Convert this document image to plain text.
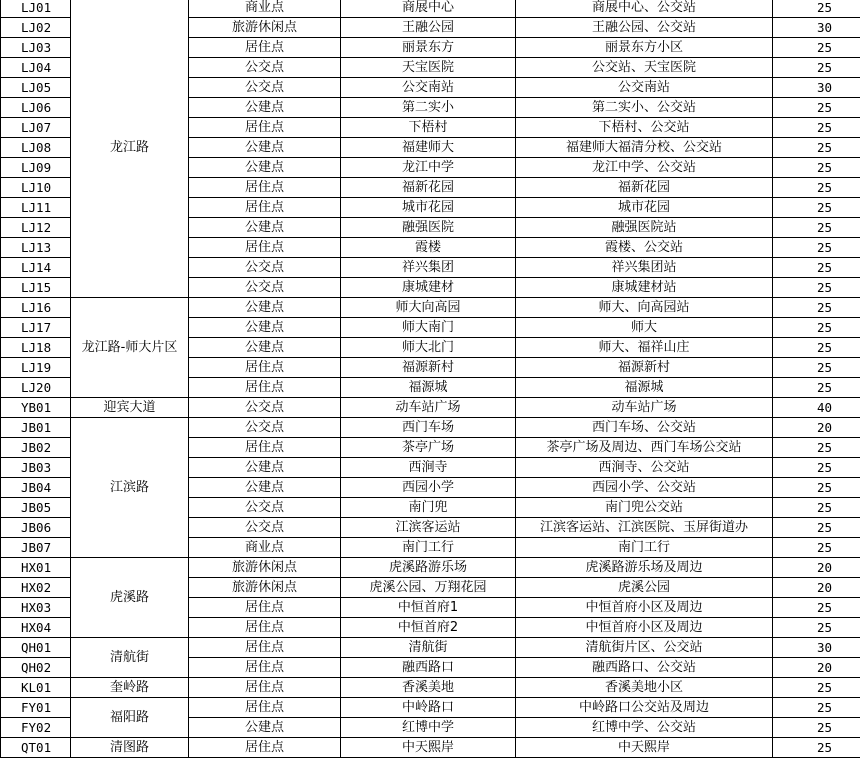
LJ01	龙江路	商业点	商展中心	商展中心、公交站	25
LJ02		旅游休闲点	王融公园	王融公园、公交站	30
LJ03		居住点	丽景东方	丽景东方小区	25
LJ04		公交点	天宝医院	公交站、天宝医院	25
LJ05		公交点	公交南站	公交南站	30
LJ06		公建点	第二实小	第二实小、公交站	25
LJ07		居住点	下梧村	下梧村、公交站	25
LJ08		公建点	福建师大	福建师大福清分校、公交站	25
LJ09		公建点	龙江中学	龙江中学、公交站	25
LJ10		居住点	福新花园	福新花园	25
LJ11		居住点	城市花园	城市花园	25
LJ12		公建点	融强医院	融强医院站	25
LJ13		居住点	霞楼	霞楼、公交站	25
LJ14		公交点	祥兴集团	祥兴集团站	25
LJ15		公交点	康城建材	康城建材站	25
LJ16	龙江路-师大片区	公建点	师大向高园	师大、向高园站	25
LJ17		公建点	师大南门	师大	25
LJ18		公建点	师大北门	师大、福祥山庄	25
LJ19		居住点	福源新村	福源新村	25
LJ20		居住点	福源城	福源城	25
YB01	迎宾大道	公交点	动车站广场	动车站广场	40
JB01	江滨路	公交点	西门车场	西门车场、公交站	20
JB02		居住点	茶亭广场	茶亭广场及周边、西门车场公交站	25
JB03		公建点	西涧寺	西涧寺、公交站	25
JB04		公建点	西园小学	西园小学、公交站	25
JB05		公交点	南门兜	南门兜公交站	25
JB06		公交点	江滨客运站	江滨客运站、江滨医院、玉屏街道办	25
JB07		商业点	南门工行	南门工行	25
HX01	虎溪路	旅游休闲点	虎溪路游乐场	虎溪路游乐场及周边	20
HX02		旅游休闲点	虎溪公园、万翔花园	虎溪公园	20
HX03		居住点	中恒首府1	中恒首府小区及周边	25
HX04		居住点	中恒首府2	中恒首府小区及周边	25
QH01	清航街	居住点	清航街	清航街片区、公交站	30
QH02		居住点	融西路口	融西路口、公交站	20
KL01	奎岭路	居住点	香溪美地	香溪美地小区	25
FY01	福阳路	居住点	中岭路口	中岭路口公交站及周边	25
FY02		公建点	红博中学	红博中学、公交站	25
QT01	清图路	居住点	中天熙岸	中天熙岸	25
